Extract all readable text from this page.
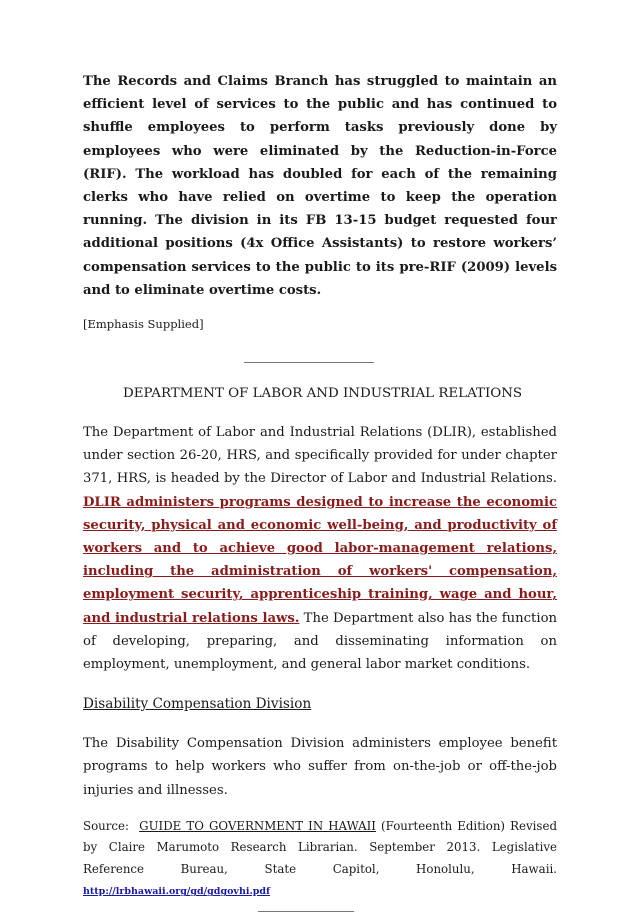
The Records and Claims Branch has struggled to maintain an efficient level of services to the public and has continued to shuffle employees to perform tasks previously done by employees who were eliminated by the Reduction-in-Force (RIF). The workload has doubled for each of the remaining clerks who have relied on overtime to keep the operation running. The division in its FB 13-15 budget requested four additional positions (4x Office Assistants) to restore workers’ compensation services to the public to its pre-RIF (2009) levels and to eliminate overtime costs.

[Emphasis Supplied]

DEPARTMENT OF LABOR AND INDUSTRIAL RELATIONS

The Department of Labor and Industrial Relations (DLIR), established under section 26-20, HRS, and specifically provided for under chapter 371, HRS, is headed by the Director of Labor and Industrial Relations. DLIR administers programs designed to increase the economic security, physical and economic well-being, and productivity of workers and to achieve good labor-management relations, including the administration of workers' compensation, employment security, apprenticeship training, wage and hour, and industrial relations laws. The Department also has the function of developing, preparing, and disseminating information on employment, unemployment, and general labor market conditions.

Disability Compensation Division

The Disability Compensation Division administers employee benefit programs to help workers who suffer from on-the-job or off-the-job injuries and illnesses.

Source: GUIDE TO GOVERNMENT IN HAWAII (Fourteenth Edition) Revised by Claire Marumoto Research Librarian. September 2013. Legislative Reference Bureau, State Capitol, Honolulu, Hawaii. http://lrbhawaii.org/gd/gdgovhi.pdf
